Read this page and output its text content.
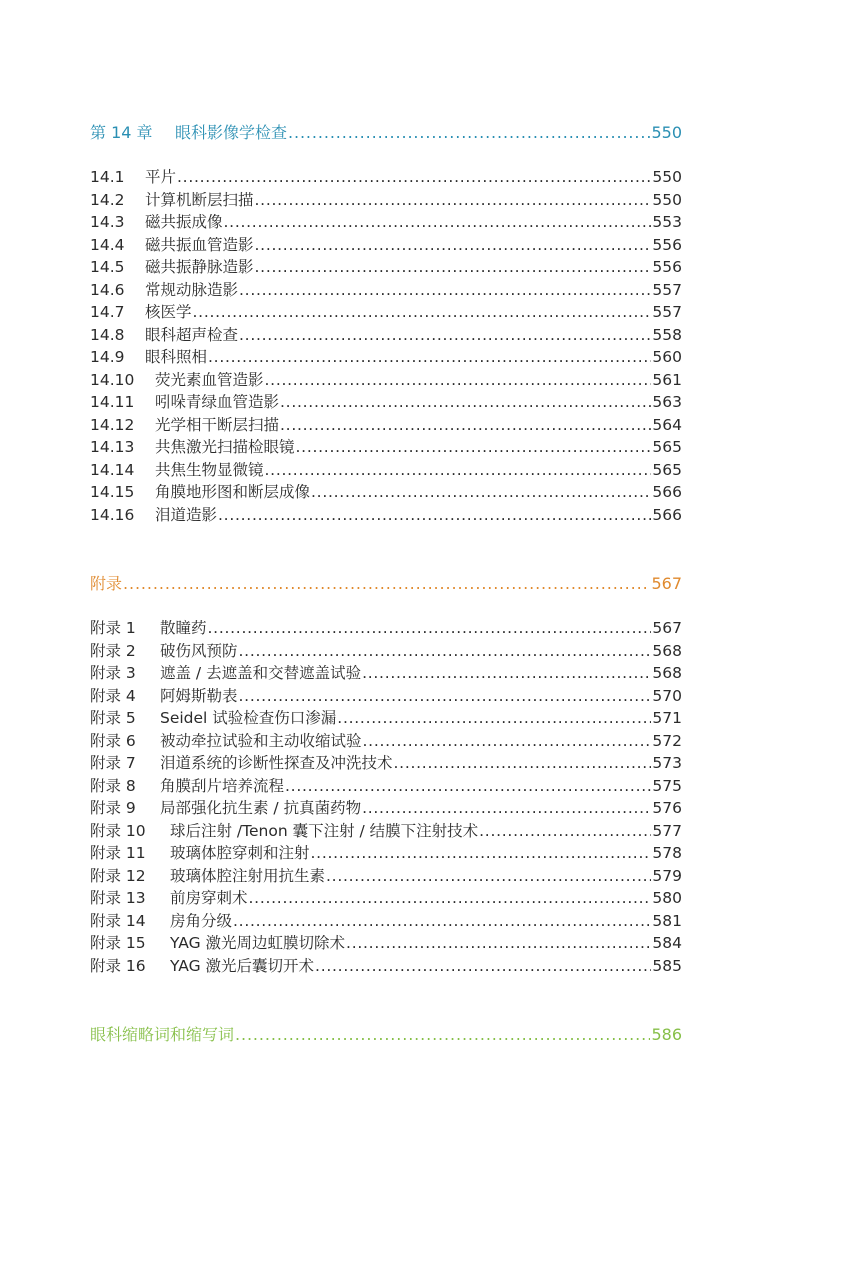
第 14 章	眼科影像学检查 . . .	550
14.1	平片 . . .	550
14.2	计算机断层扫描 . . .	550
14.3	磁共振成像 . . .	553
14.4	磁共振血管造影 . . .	556
14.5	磁共振静脉造影 . . .	556
14.6	常规动脉造影 . . .	557
14.7	核医学 . . .	557
14.8	眼科超声检查 . . .	558
14.9	眼科照相 . . .	560
14.10	荧光素血管造影 . . .	561
14.11	吲哚青绿血管造影 . . .	563
14.12	光学相干断层扫描 . . .	564
14.13	共焦激光扫描检眼镜 . . .	565
14.14	共焦生物显微镜 . . .	565
14.15	角膜地形图和断层成像 . . .	566
14.16	泪道造影 . . .	566
附录 . . .	567
附录 1	散瞳药 . . .	567
附录 2	破伤风预防 . . .	568
附录 3	遮盖 / 去遮盖和交替遮盖试验 . . .	568
附录 4	阿姆斯勒表 . . .	570
附录 5	Seidel 试验检查伤口渗漏 . . .	571
附录 6	被动牵拉试验和主动收缩试验 . . .	572
附录 7	泪道系统的诊断性探查及冲洗技术 . . .	573
附录 8	角膜刮片培养流程 . . .	575
附录 9	局部强化抗生素 / 抗真菌药物 . . .	576
附录 10	球后注射 /Tenon 囊下注射 / 结膜下注射技术 . . .	577
附录 11	玻璃体腔穿刺和注射 . . .	578
附录 12	玻璃体腔注射用抗生素 . . .	579
附录 13	前房穿刺术 . . .	580
附录 14	房角分级 . . .	581
附录 15	YAG 激光周边虹膜切除术 . . .	584
附录 16	YAG 激光后囊切开术 . . .	585
眼科缩略词和缩写词 . . .	586
